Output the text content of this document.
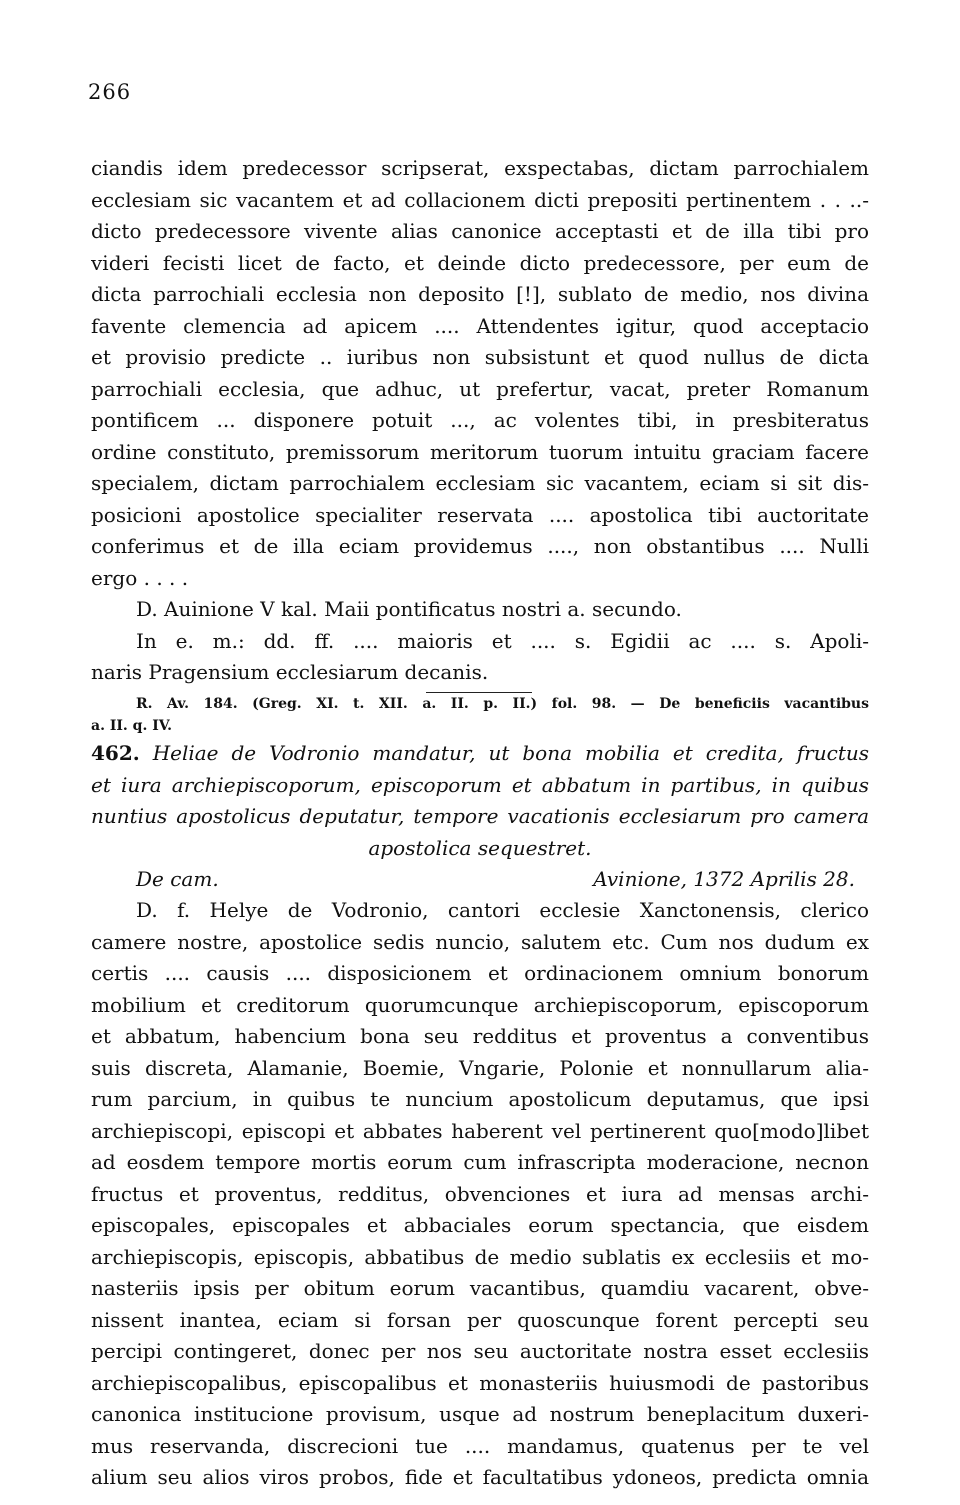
266
ciandis idem predecessor scripserat, exspectabas, dictam parrochialem
ecclesiam sic vacantem et ad collacionem dicti prepositi pertinentem . . ..-
dicto predecessore vivente alias canonice acceptasti et de illa tibi pro
videri fecisti licet de facto, et deinde dicto predecessore, per eum de
dicta parrochiali ecclesia non deposito [!], sublato de medio, nos divina
favente clemencia ad apicem .... Attendentes igitur, quod acceptacio
et provisio predicte .. iuribus non subsistunt et quod nullus de dicta
parrochiali ecclesia, que adhuc, ut prefertur, vacat, preter Romanum
pontificem ... disponere potuit ..., ac volentes tibi, in presbiteratus
ordine constituto, premissorum meritorum tuorum intuitu graciam facere
specialem, dictam parrochialem ecclesiam sic vacantem, eciam si sit dis-
posicioni apostolice specialiter reservata .... apostolica tibi auctoritate
conferimus et de illa eciam providemus ...., non obstantibus .... Nulli
ergo . . . .
D. Auinione V kal. Maii pontificatus nostri a. secundo.
In e. m.: dd. ff. .... maioris et .... s. Egidii ac .... s. Apoli-
naris Pragensium ecclesiarum decanis.
R. Av. 184. (Greg. XI. t. XII. a. II. p. II.) fol. 98. — De beneficiis vacantibus
a. II. q. IV.
462. Heliae de Vodronio mandatur, ut bona mobilia et credita, fructus
et iura archiepiscoporum, episcoporum et abbatum in partibus, in quibus
nuntius apostolicus deputatur, tempore vacationis ecclesiarum pro camera
apostolica sequestret.
De cam.	Avinione, 1372 Aprilis 28.
D. f. Helye de Vodronio, cantori ecclesie Xanctonensis, clerico
camere nostre, apostolice sedis nuncio, salutem etc. Cum nos dudum ex
certis .... causis .... disposicionem et ordinacionem omnium bonorum
mobilium et creditorum quorumcunque archiepiscoporum, episcoporum
et abbatum, habencium bona seu redditus et proventus a conventibus
suis discreta, Alamanie, Boemie, Vngarie, Polonie et nonnullarum alia-
rum parcium, in quibus te nuncium apostolicum deputamus, que ipsi
archiepiscopi, episcopi et abbates haberent vel pertinerent quo[modo]libet
ad eosdem tempore mortis eorum cum infrascripta moderacione, necnon
fructus et proventus, redditus, obvenciones et iura ad mensas archi-
episcopales, episcopales et abbaciales eorum spectancia, que eisdem
archiepiscopis, episcopis, abbatibus de medio sublatis ex ecclesiis et mo-
nasteriis ipsis per obitum eorum vacantibus, quamdiu vacarent, obve-
nissent inantea, eciam si forsan per quoscunque forent percepti seu
percipi contingeret, donec per nos seu auctoritate nostra esset ecclesiis
archiepiscopalibus, episcopalibus et monasteriis huiusmodi de pastoribus
canonica institucione provisum, usque ad nostrum beneplacitum duxeri-
mus reservanda, discrecioni tue .... mandamus, quatenus per te vel
alium seu alios viros probos, fide et facultatibus ydoneos, predicta omnia
